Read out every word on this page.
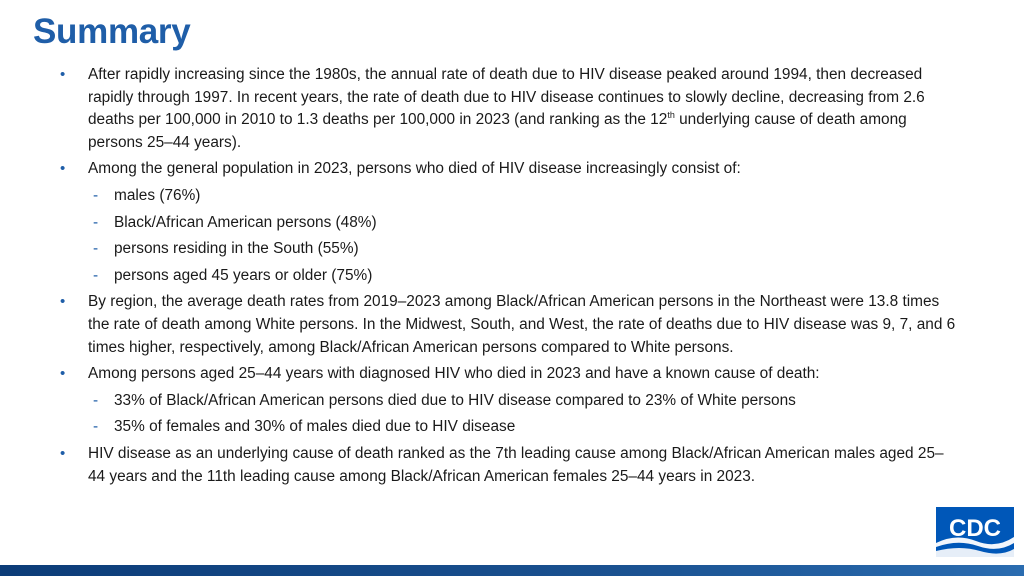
Summary
• After rapidly increasing since the 1980s, the annual rate of death due to HIV disease peaked around 1994, then decreased rapidly through 1997. In recent years, the rate of death due to HIV disease continues to slowly decline, decreasing from 2.6 deaths per 100,000 in 2010 to 1.3 deaths per 100,000 in 2023 (and ranking as the 12th underlying cause of death among persons 25–44 years).
• Among the general population in 2023, persons who died of HIV disease increasingly consist of:
- males (76%)
- Black/African American persons (48%)
- persons residing in the South (55%)
- persons aged 45 years or older (75%)
• By region, the average death rates from 2019–2023 among Black/African American persons in the Northeast were 13.8 times the rate of death among White persons. In the Midwest, South, and West, the rate of deaths due to HIV disease was 9, 7, and 6 times higher, respectively, among Black/African American persons compared to White persons.
• Among persons aged 25–44 years with diagnosed HIV who died in 2023 and have a known cause of death:
- 33% of Black/African American persons died due to HIV disease compared to 23% of White persons
- 35% of females and 30% of males died due to HIV disease
• HIV disease as an underlying cause of death ranked as the 7th leading cause among Black/African American males aged 25–44 years and the 11th leading cause among Black/African American females 25–44 years in 2023.
CDC
